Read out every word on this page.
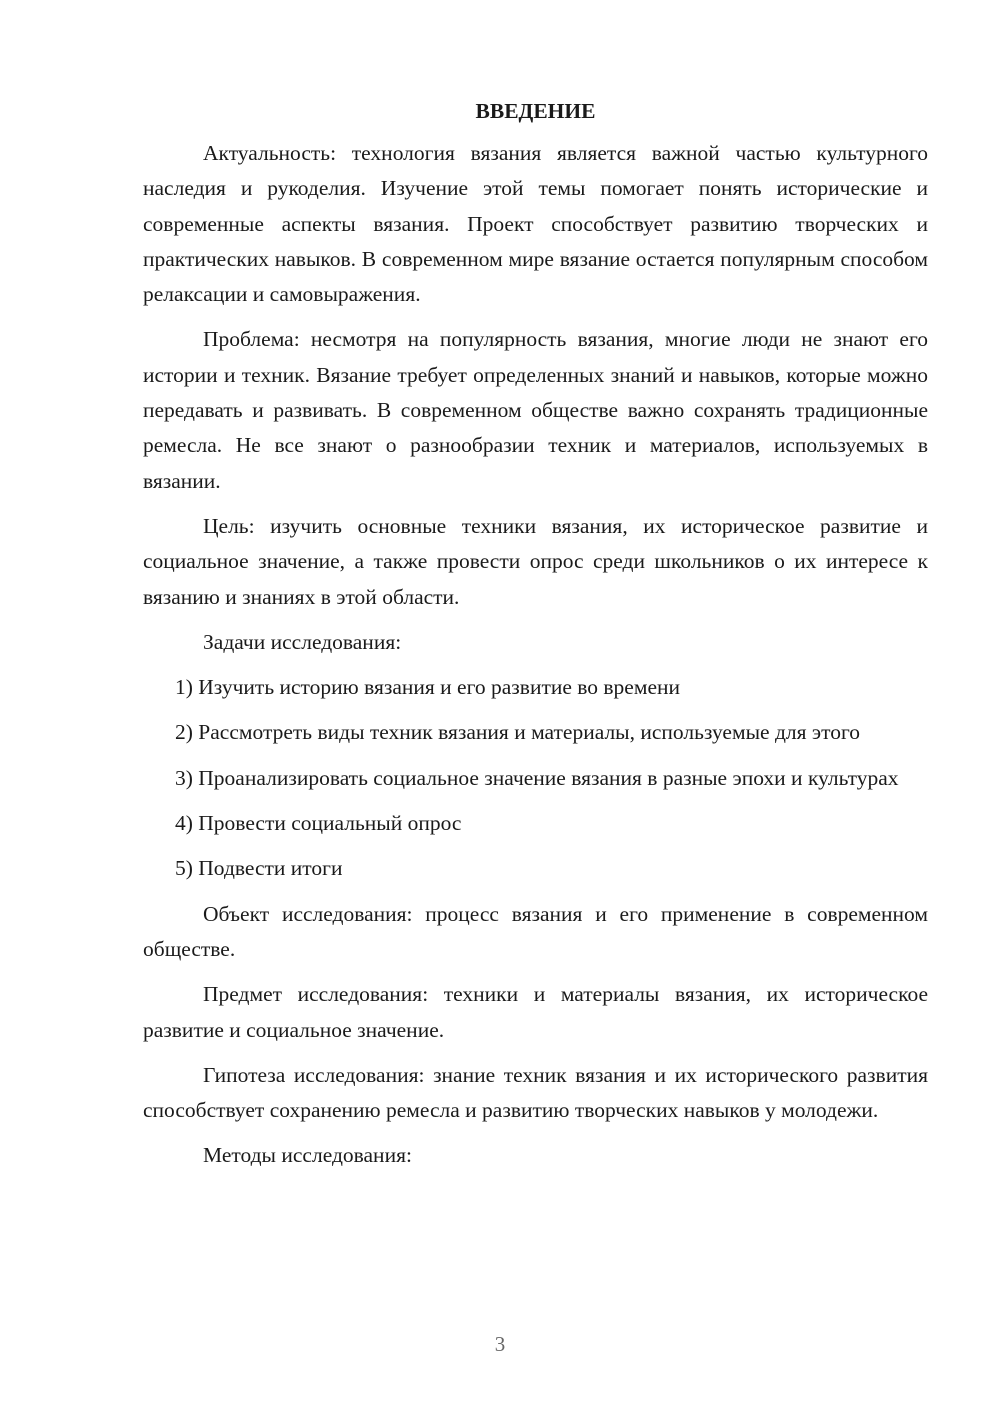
ВВЕДЕНИЕ
Актуальность: технология вязания является важной частью культурного наследия и рукоделия. Изучение этой темы помогает понять исторические и современные аспекты вязания. Проект способствует развитию творческих и практических навыков. В современном мире вязание остается популярным способом релаксации и самовыражения.
Проблема: несмотря на популярность вязания, многие люди не знают его истории и техник. Вязание требует определенных знаний и навыков, которые можно передавать и развивать. В современном обществе важно сохранять традиционные ремесла. Не все знают о разнообразии техник и материалов, используемых в вязании.
Цель: изучить основные техники вязания, их историческое развитие и социальное значение, а также провести опрос среди школьников о их интересе к вязанию и знаниях в этой области.
Задачи исследования:
1) Изучить историю вязания и его развитие во времени
2) Рассмотреть виды техник вязания и материалы, используемые для этого
3) Проанализировать социальное значение вязания в разные эпохи и культурах
4) Провести социальный опрос
5) Подвести итоги
Объект исследования: процесс вязания и его применение в современном обществе.
Предмет исследования: техники и материалы вязания, их историческое развитие и социальное значение.
Гипотеза исследования: знание техник вязания и их исторического развития способствует сохранению ремесла и развитию творческих навыков у молодежи.
Методы исследования:
3
